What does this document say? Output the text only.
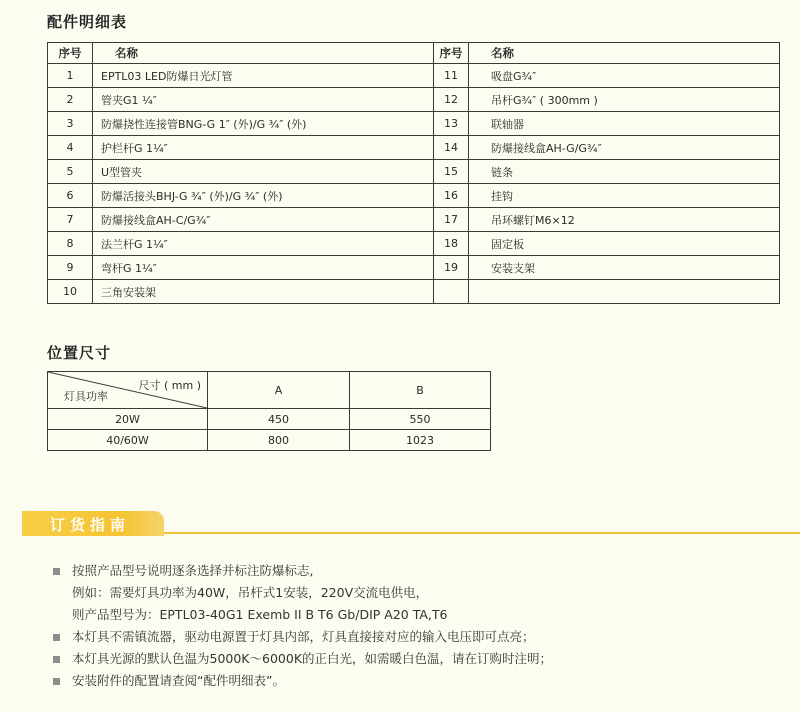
配件明细表
序号	名称	序号	名称
1	EPTL03 LED防爆日光灯管	11	吸盘G¾″
2	管夹G1 ¼″	12	吊杆G¾″ ( 300mm )
3	防爆挠性连接管BNG-G 1″ (外)/G ¾″ (外)	13	联轴器
4	护栏杆G 1¼″	14	防爆接线盒AH-G/G¾″
5	U型管夹	15	链条
6	防爆活接头BHJ-G ¾″ (外)/G ¾″ (外)	16	挂钩
7	防爆接线盒AH-C/G¾″	17	吊环螺钉M6×12
8	法兰杆G 1¼″	18	固定板
9	弯杆G 1¼″	19	安装支架
10	三角安装架		
位置尺寸
尺寸 ( mm )
灯具功率	A	B
20W	450	550
40/60W	800	1023
订货指南
按照产品型号说明逐条选择并标注防爆标志,
例如：需要灯具功率为40W，吊杆式1安装，220V交流电供电，
则产品型号为：EPTL03-40G1 Exemb II B T6 Gb/DIP A20 TA,T6
本灯具不需镇流器，驱动电源置于灯具内部，灯具直接接对应的输入电压即可点亮；
本灯具光源的默认色温为5000K～6000K的正白光，如需暖白色温，请在订购时注明；
安装附件的配置请查阅“配件明细表”。
